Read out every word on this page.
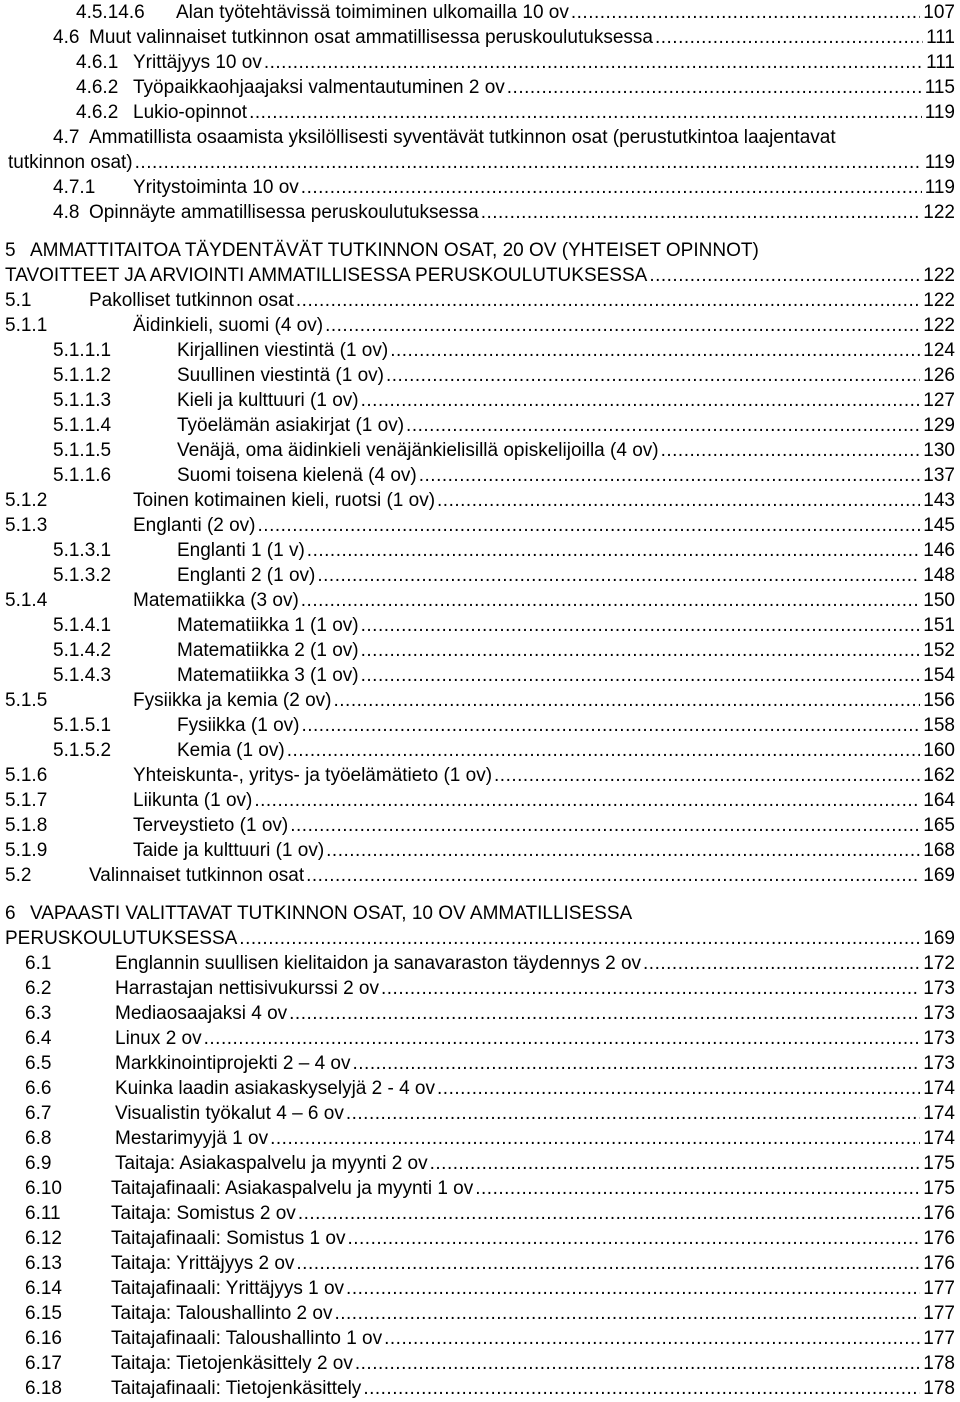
4.5.14.6 Alan työtehtävissä toimiminen ulkomailla 10 ov .....	107
4.6 Muut valinnaiset tutkinnon osat ammatillisessa peruskoulutuksessa .....	111
4.6.1 Yrittäjyys 10 ov .....	111
4.6.2 Työpaikkaohjaajaksi valmentautuminen 2 ov .....	115
4.6.2 Lukio-opinnot .....	119
4.7 Ammatillista osaamista yksilöllisesti syventävät tutkinnon osat (perustutkintoa laajentavat
tutkinnon osat) .....	119
4.7.1 Yritystoiminta 10 ov .....	119
4.8 Opinnäyte ammatillisessa peruskoulutuksessa .....	122
5 AMMATTITAITOA TÄYDENTÄVÄT TUTKINNON OSAT, 20 OV (YHTEISET OPINNOT)
TAVOITTEET JA ARVIOINTI AMMATILLISESSA PERUSKOULUTUKSESSA .....	122
5.1	Pakolliset tutkinnon osat .....	122
5.1.1	Äidinkieli, suomi (4 ov) .....	122
5.1.1.1	Kirjallinen viestintä (1 ov) .....	124
5.1.1.2	Suullinen viestintä (1 ov) .....	126
5.1.1.3	Kieli ja kulttuuri (1 ov) .....	127
5.1.1.4	Työelämän asiakirjat (1 ov) .....	129
5.1.1.5	Venäjä, oma äidinkieli venäjänkielisillä opiskelijoilla (4 ov) .....	130
5.1.1.6	Suomi toisena kielenä (4 ov) .....	137
5.1.2	Toinen kotimainen kieli, ruotsi (1 ov) .....	143
5.1.3	Englanti (2 ov) .....	145
5.1.3.1	Englanti 1 (1 v) .....	146
5.1.3.2	Englanti 2 (1 ov) .....	148
5.1.4	Matematiikka (3 ov) .....	150
5.1.4.1	Matematiikka 1 (1 ov) .....	151
5.1.4.2	Matematiikka 2 (1 ov) .....	152
5.1.4.3	Matematiikka 3 (1 ov) .....	154
5.1.5	Fysiikka ja kemia (2 ov) .....	156
5.1.5.1	Fysiikka (1 ov) .....	158
5.1.5.2	Kemia (1 ov) .....	160
5.1.6	Yhteiskunta-, yritys- ja työelämätieto (1 ov) .....	162
5.1.7	Liikunta (1 ov) .....	164
5.1.8	Terveystieto (1 ov) .....	165
5.1.9	Taide ja kulttuuri (1 ov) .....	168
5.2	Valinnaiset tutkinnon osat .....	169
6 VAPAASTI VALITTAVAT TUTKINNON OSAT, 10 OV AMMATILLISESSA
PERUSKOULUTUKSESSA .....	169
6.1	Englannin suullisen kielitaidon ja sanavaraston täydennys 2 ov .....	172
6.2	Harrastajan nettisivukurssi 2 ov .....	173
6.3	Mediaosaajaksi 4 ov .....	173
6.4	Linux 2 ov .....	173
6.5	Markkinointiprojekti 2 – 4 ov .....	173
6.6	Kuinka laadin asiakaskyselyjä 2 - 4 ov .....	174
6.7	Visualistin työkalut 4 – 6 ov .....	174
6.8	Mestarimyyjä 1 ov .....	174
6.9	Taitaja: Asiakaspalvelu ja myynti 2 ov .....	175
6.10	Taitajafinaali: Asiakaspalvelu ja myynti 1 ov .....	175
6.11	Taitaja: Somistus 2 ov .....	176
6.12	Taitajafinaali: Somistus 1 ov .....	176
6.13	Taitaja: Yrittäjyys 2 ov .....	176
6.14	Taitajafinaali: Yrittäjyys 1 ov .....	177
6.15	Taitaja: Taloushallinto 2 ov .....	177
6.16	Taitajafinaali: Taloushallinto 1 ov .....	177
6.17	Taitaja: Tietojenkäsittely 2 ov .....	178
6.18	Taitajafinaali: Tietojenkäsittely .....	178
